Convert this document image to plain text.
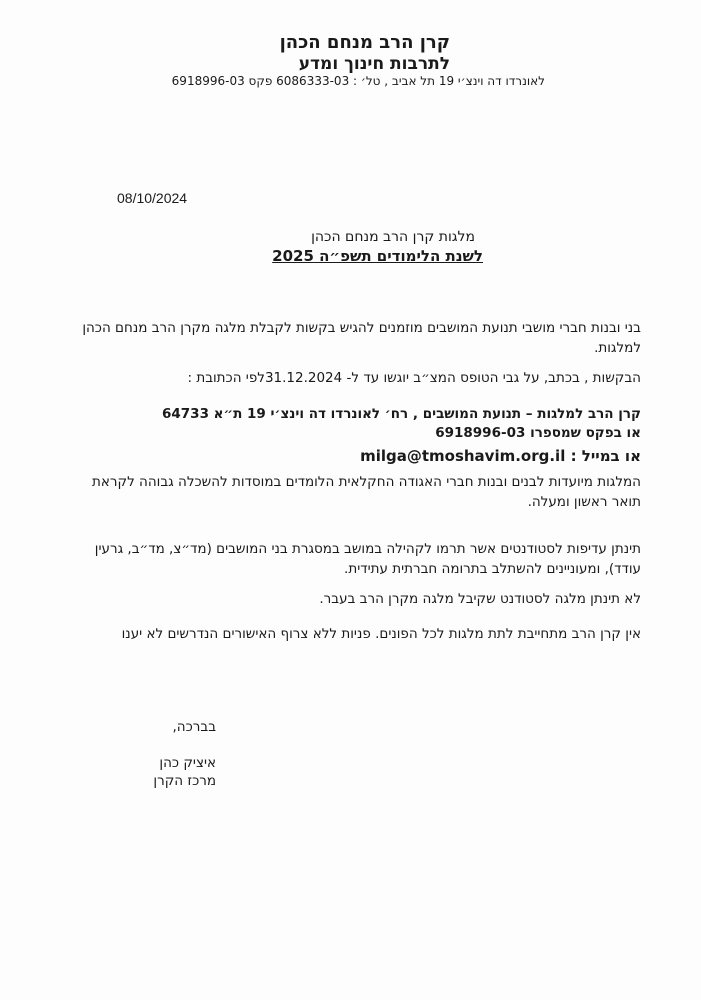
קרן הרב מנחם הכהן
לתרבות חינוך ומדע
לאונרדו דה וינצ׳י 19 תל אביב , טל׳ : 6086333-03 פקס 6918996-03
08/10/2024
מלגות קרן הרב מנחם הכהן
לשנת הלימודים תשפ״ה 2025
בני ובנות חברי מושבי תנועת המושבים מוזמנים להגיש בקשות לקבלת מלגה מקרן הרב מנחם הכהן למלגות.
הבקשות , בכתב, על גבי הטופס המצ״ב יוגשו עד ל- 31.12.2024לפי הכתובת :
קרן הרב למלגות – תנועת המושבים , רח׳ לאונרדו דה וינצ׳י 19 ת״א 64733
או בפקס שמספרו 6918996-03
או במייל : milga@tmoshavim.org.il
המלגות מיועדות לבנים ובנות חברי האגודה החקלאית הלומדים במוסדות להשכלה גבוהה לקראת תואר ראשון ומעלה.
תינתן עדיפות לסטודנטים אשר תרמו לקהילה במושב במסגרת בני המושבים (מד״צ, מד״ב, גרעין עודד), ומעוניינים להשתלב בתרומה חברתית עתידית.
לא תינתן מלגה לסטודנט שקיבל מלגה מקרן הרב בעבר.
אין קרן הרב מתחייבת לתת מלגות לכל הפונים. פניות ללא צרוף האישורים הנדרשים לא יענו
בברכה,
איציק כהן
מרכז הקרן
